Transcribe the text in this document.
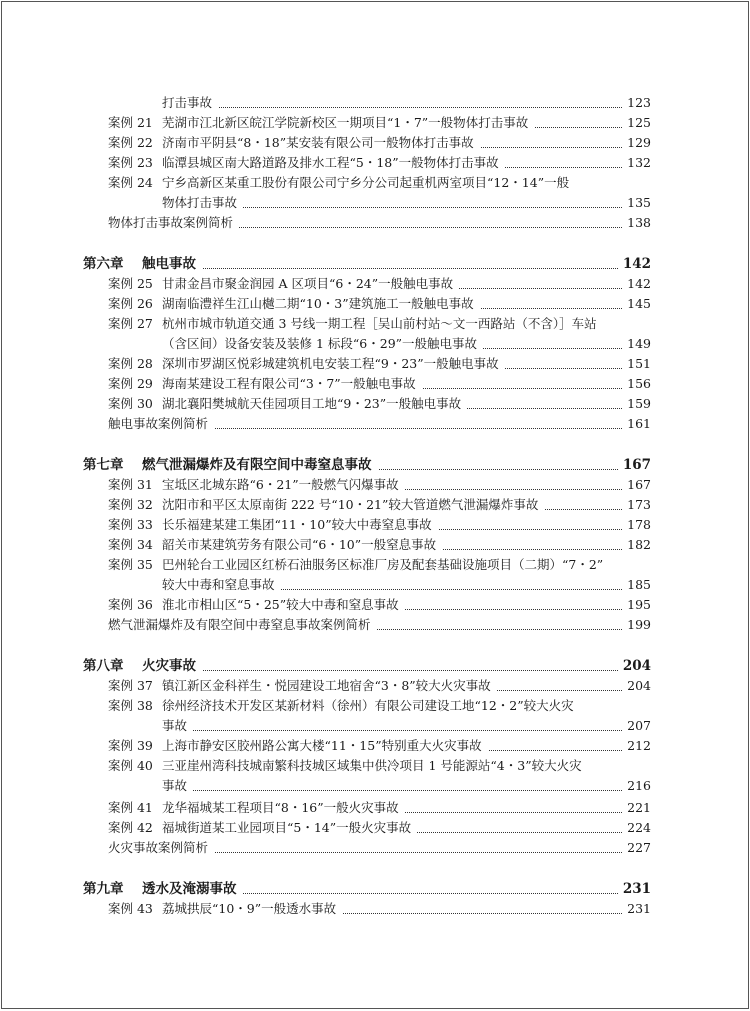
打击事故	123
案例 21 芜湖市江北新区皖江学院新校区一期项目“1・7”一般物体打击事故	125
案例 22 济南市平阴县“8・18”某安装有限公司一般物体打击事故	129
案例 23 临潭县城区南大路道路及排水工程“5・18”一般物体打击事故	132
案例 24 宁乡高新区某重工股份有限公司宁乡分公司起重机两室项目“12・14”一般
物体打击事故	135
物体打击事故案例简析	138
第六章	触电事故	142
案例 25 甘肃金昌市聚金润园 A 区项目“6・24”一般触电事故	142
案例 26 湖南临澧祥生江山樾二期“10・3”建筑施工一般触电事故	145
案例 27 杭州市城市轨道交通 3 号线一期工程［吴山前村站～文一西路站（不含）］车站
（含区间）设备安装及装修 1 标段“6・29”一般触电事故	149
案例 28 深圳市罗湖区悦彩城建筑机电安装工程“9・23”一般触电事故	151
案例 29 海南某建设工程有限公司“3・7”一般触电事故	156
案例 30 湖北襄阳樊城航天佳园项目工地“9・23”一般触电事故	159
触电事故案例简析	161
第七章	燃气泄漏爆炸及有限空间中毒窒息事故	167
案例 31 宝坻区北城东路“6・21”一般燃气闪爆事故	167
案例 32 沈阳市和平区太原南街 222 号“10・21”较大管道燃气泄漏爆炸事故	173
案例 33 长乐福建某建工集团“11・10”较大中毒窒息事故	178
案例 34 韶关市某建筑劳务有限公司“6・10”一般窒息事故	182
案例 35 巴州轮台工业园区红桥石油服务区标准厂房及配套基础设施项目（二期）“7・2”
较大中毒和窒息事故	185
案例 36 淮北市相山区“5・25”较大中毒和窒息事故	195
燃气泄漏爆炸及有限空间中毒窒息事故案例简析	199
第八章	火灾事故	204
案例 37 镇江新区金科祥生・悦园建设工地宿舍“3・8”较大火灾事故	204
案例 38 徐州经济技术开发区某新材料（徐州）有限公司建设工地“12・2”较大火灾
事故	207
案例 39 上海市静安区胶州路公寓大楼“11・15”特别重大火灾事故	212
案例 40 三亚崖州湾科技城南繁科技城区域集中供冷项目 1 号能源站“4・3”较大火灾
事故	216
案例 41 龙华福城某工程项目“8・16”一般火灾事故	221
案例 42 福城街道某工业园项目“5・14”一般火灾事故	224
火灾事故案例简析	227
第九章	透水及淹溺事故	231
案例 43 荔城拱辰“10・9”一般透水事故	231
